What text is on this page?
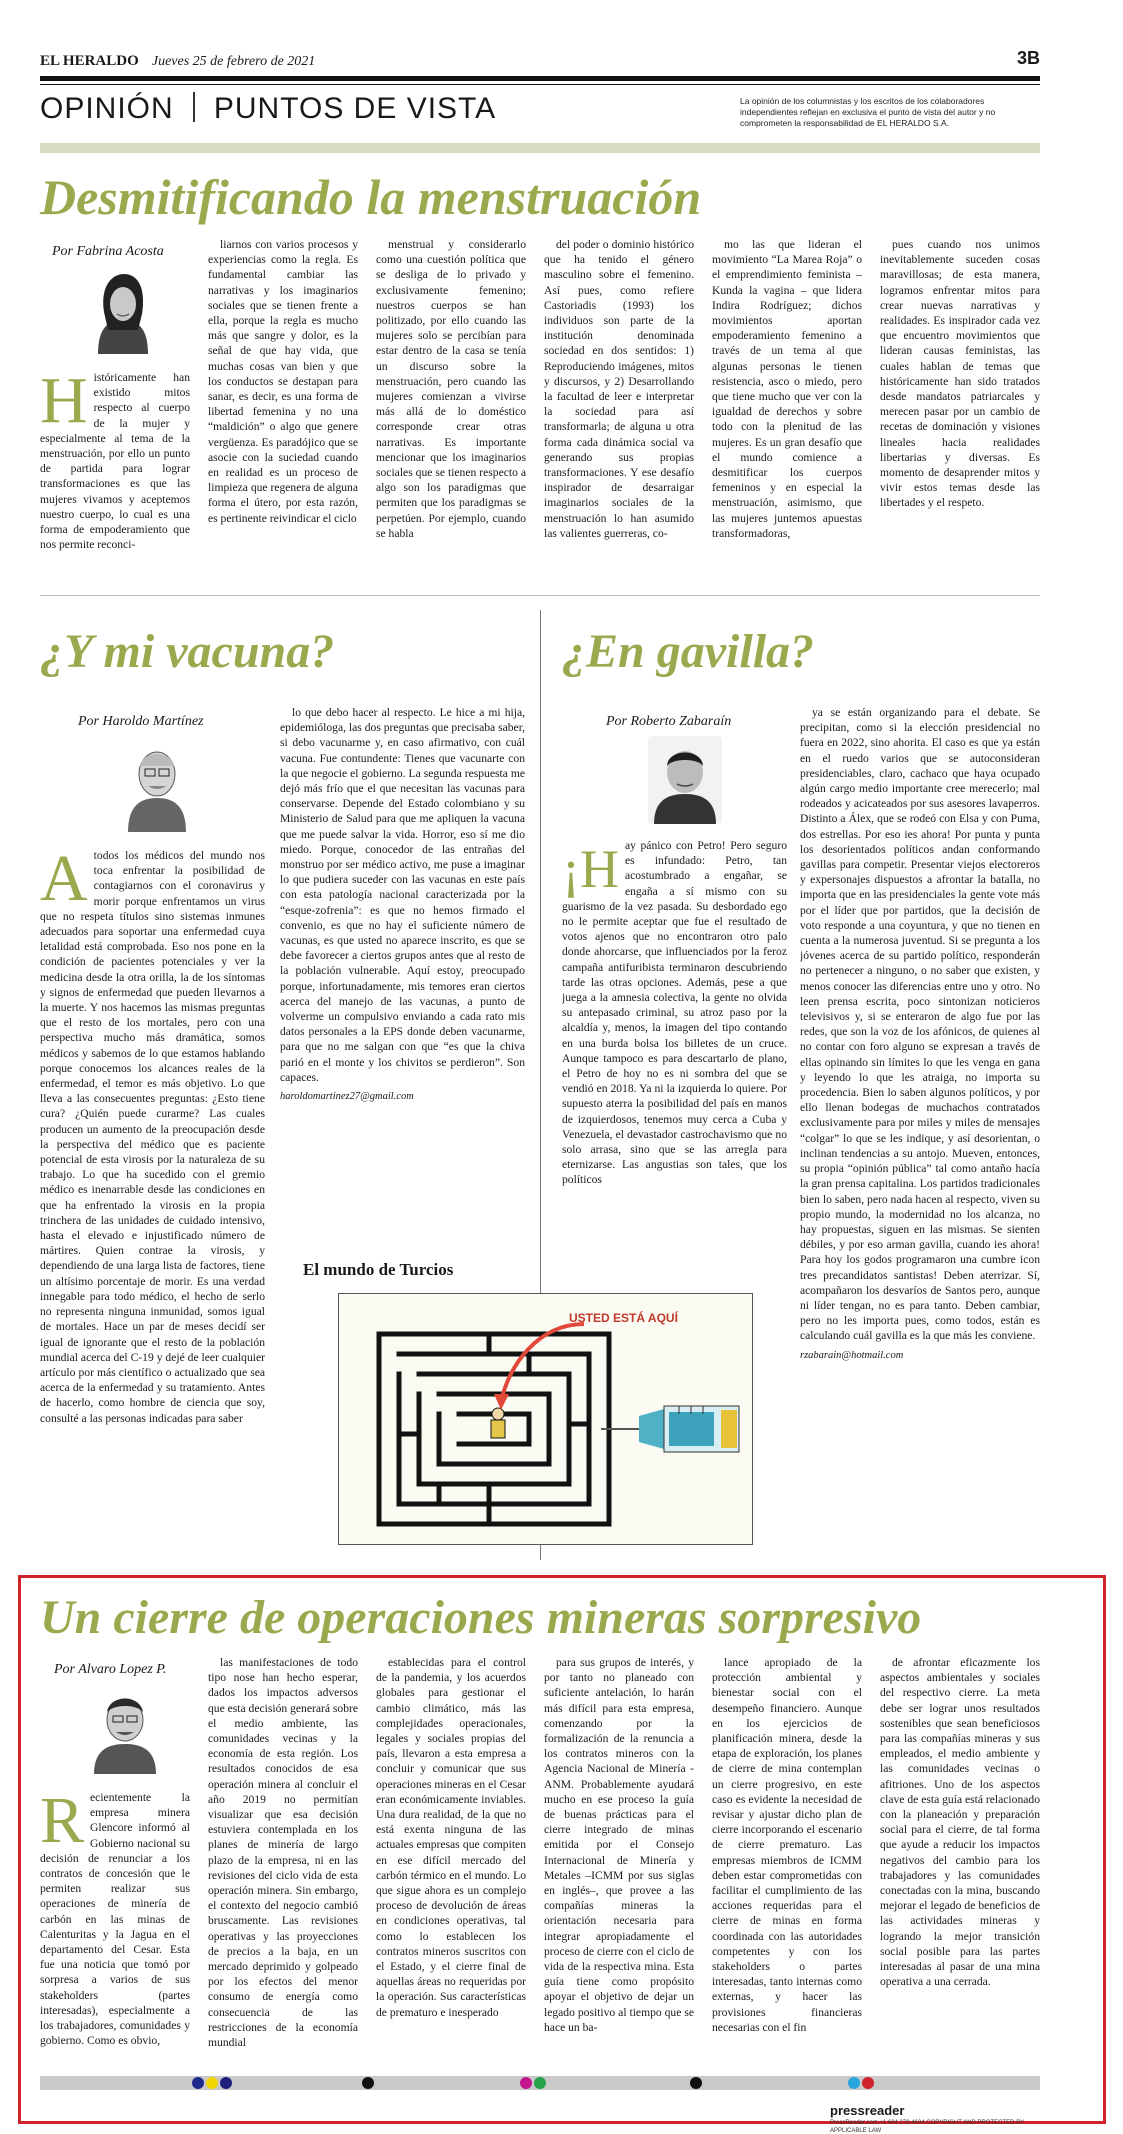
EL HERALDO Jueves 25 de febrero de 2021	3B
OPINIÓN PUNTOS DE VISTA	La opinión de los columnistas y los escritos de los colaboradores independientes reflejan en exclusiva el punto de vista del autor y no comprometen la responsabilidad de EL HERALDO S.A.
Desmitificando la menstruación
Por Fabrina Acosta
Históricamente han existido mitos respecto al cuerpo de la mujer y especialmente al tema de la menstruación, por ello un punto de partida para lograr transformaciones es que las mujeres vivamos y aceptemos nuestro cuerpo, lo cual es una forma de empoderamiento que nos permite reconci-

liarnos con varios procesos y experiencias como la regla. Es fundamental cambiar las narrativas y los imaginarios sociales que se tienen frente a ella, porque la regla es mucho más que sangre y dolor, es la señal de que hay vida, que muchas cosas van bien y que los conductos se destapan para sanar, es decir, es una forma de libertad femenina y no una “maldición” o algo que genere vergüenza. Es paradójico que se asocie con la suciedad cuando en realidad es un proceso de limpieza que regenera de alguna forma el útero, por esta razón, es pertinente reivindicar el ciclo

menstrual y considerarlo como una cuestión política que se desliga de lo privado y exclusivamente femenino; nuestros cuerpos se han politizado, por ello cuando las mujeres solo se percibían para estar dentro de la casa se tenía un discurso sobre la menstruación, pero cuando las mujeres comienzan a vivirse más allá de lo doméstico corresponde crear otras narrativas. Es importante mencionar que los imaginarios sociales que se tienen respecto a algo son los paradigmas que permiten que los paradigmas se perpetúen. Por ejemplo, cuando se habla

del poder o dominio histórico que ha tenido el género masculino sobre el femenino. Así pues, como refiere Castoriadis (1993) los individuos son parte de la institución denominada sociedad en dos sentidos: 1) Reproduciendo imágenes, mitos y discursos, y 2) Desarrollando la facultad de leer e interpretar la sociedad para así transformarla; de alguna u otra forma cada dinámica social va generando sus propias transformaciones. Y ese desafío inspirador de desarraigar imaginarios sociales de la menstruación lo han asumido las valientes guerreras, co-

mo las que lideran el movimiento “La Marea Roja” o el emprendimiento feminista – Kunda la vagina – que lidera Indira Rodríguez; dichos movimientos aportan empoderamiento femenino a través de un tema al que algunas personas le tienen resistencia, asco o miedo, pero que tiene mucho que ver con la igualdad de derechos y sobre todo con la plenitud de las mujeres. Es un gran desafío que el mundo comience a desmitificar los cuerpos femeninos y en especial la menstruación, asimismo, que las mujeres juntemos apuestas transformadoras,

pues cuando nos unimos inevitablemente suceden cosas maravillosas; de esta manera, logramos enfrentar mitos para crear nuevas narrativas y realidades. Es inspirador cada vez que encuentro movimientos que lideran causas feministas, las cuales hablan de temas que históricamente han sido tratados desde mandatos patriarcales y merecen pasar por un cambio de recetas de dominación y visiones lineales hacia realidades libertarias y diversas. Es momento de desaprender mitos y vivir estos temas desde las libertades y el respeto.

¿Y mi vacuna?
Por Haroldo Martínez
Atodos los médicos del mundo nos toca enfrentar la posibilidad de contagiarnos con el coronavirus y morir porque enfrentamos un virus que no respeta títulos sino sistemas inmunes adecuados para soportar una enfermedad cuya letalidad está comprobada. Eso nos pone en la condición de pacientes potenciales y ver la medicina desde la otra orilla, la de los síntomas y signos de enfermedad que pueden llevarnos a la muerte. Y nos hacemos las mismas preguntas que el resto de los mortales, pero con una perspectiva mucho más dramática, somos médicos y sabemos de lo que estamos hablando porque conocemos los alcances reales de la enfermedad, el temor es más objetivo. Lo que lleva a las consecuentes preguntas: ¿Esto tiene cura? ¿Quién puede curarme? Las cuales producen un aumento de la preocupación desde la perspectiva del médico que es paciente potencial de esta virosis por la naturaleza de su trabajo. Lo que ha sucedido con el gremio médico es inenarrable desde las condiciones en que ha enfrentado la virosis en la propia trinchera de las unidades de cuidado intensivo, hasta el elevado e injustificado número de mártires. Quien contrae la virosis, y dependiendo de una larga lista de factores, tiene un altísimo porcentaje de morir. Es una verdad innegable para todo médico, el hecho de serlo no representa ninguna inmunidad, somos igual de mortales. Hace un par de meses decidí ser igual de ignorante que el resto de la población mundial acerca del C-19 y dejé de leer cualquier artículo por más científico o actualizado que sea acerca de la enfermedad y su tratamiento. Antes de hacerlo, como hombre de ciencia que soy, consulté a las personas indicadas para saber

lo que debo hacer al respecto. Le hice a mi hija, epidemióloga, las dos preguntas que precisaba saber, si debo vacunarme y, en caso afirmativo, con cuál vacuna. Fue contundente: Tienes que vacunarte con la que negocie el gobierno. La segunda respuesta me dejó más frío que el que necesitan las vacunas para conservarse. Depende del Estado colombiano y su Ministerio de Salud para que me apliquen la vacuna que me puede salvar la vida. Horror, eso sí me dio miedo. Porque, conocedor de las entrañas del monstruo por ser médico activo, me puse a imaginar lo que pudiera suceder con las vacunas en este país con esta patología nacional caracterizada por la “esque-zofrenia”: es que no hemos firmado el convenio, es que no hay el suficiente número de vacunas, es que usted no aparece inscrito, es que se debe favorecer a ciertos grupos antes que al resto de la población vulnerable. Aquí estoy, preocupado porque, infortunadamente, mis temores eran ciertos acerca del manejo de las vacunas, a punto de volverme un compulsivo enviando a cada rato mis datos personales a la EPS donde deben vacunarme, para que no me salgan con que “es que la chiva parió en el monte y los chivitos se perdieron”. Son capaces.

haroldomartinez27@gmail.com
¿En gavilla?
Por Roberto Zabaraín
¡H ay pánico con Petro! Pero seguro es infundado: Petro, tan acostumbrado a engañar, se engaña a sí mismo con su guarismo de la vez pasada. Su desbordado ego no le permite aceptar que fue el resultado de votos ajenos que no encontraron otro palo donde ahorcarse, que influenciados por la feroz campaña antifuribista terminaron descubriendo tarde las otras opciones. Además, pese a que juega a la amnesia colectiva, la gente no olvida su antepasado criminal, su atroz paso por la alcaldía y, menos, la imagen del tipo contando en una burda bolsa los billetes de un cruce. Aunque tampoco es para descartarlo de plano, el Petro de hoy no es ni sombra del que se vendió en 2018. Ya ni la izquierda lo quiere. Por supuesto aterra la posibilidad del país en manos de izquierdosos, tenemos muy cerca a Cuba y Venezuela, el devastador castrochavismo que no solo arrasa, sino que se las arregla para eternizarse. Las angustias son tales, que los políticos

ya se están organizando para el debate. Se precipitan, como si la elección presidencial no fuera en 2022, sino ahorita. El caso es que ya están en el ruedo varios que se autoconsideran presidenciables, claro, cachaco que haya ocupado algún cargo medio importante cree merecerlo; mal rodeados y acicateados por sus asesores lavaperros. Distinto a Álex, que se rodeó con Elsa y con Puma, dos estrellas. Por eso ies ahora! Por punta y punta los desorientados políticos andan conformando gavillas para competir. Presentar viejos electoreros y expersonajes dispuestos a afrontar la batalla, no importa que en las presidenciales la gente vote más por el líder que por partidos, que la decisión de voto responde a una coyuntura, y que no tienen en cuenta a la numerosa juventud. Si se pregunta a los jóvenes acerca de su partido político, responderán no pertenecer a ninguno, o no saber que existen, y menos conocer las diferencias entre uno y otro. No leen prensa escrita, poco sintonizan noticieros televisivos y, si se enteraron de algo fue por las redes, que son la voz de los afónicos, de quienes al no contar con foro alguno se expresan a través de ellas opinando sin límites lo que les venga en gana y leyendo lo que les atraiga, no importa su procedencia. Bien lo saben algunos políticos, y por ello llenan bodegas de muchachos contratados exclusivamente para por miles y miles de mensajes “colgar” lo que se les indique, y así desorientan, o inclinan tendencias a su antojo. Mueven, entonces, su propia “opinión pública” tal como antaño hacía la gran prensa capitalina. Los partidos tradicionales bien lo saben, pero nada hacen al respecto, viven su propio mundo, la modernidad no los alcanza, no hay propuestas, siguen en las mismas. Se sienten débiles, y por eso arman gavilla, cuando ies ahora! Para hoy los godos programaron una cumbre icon tres precandidatos santistas! Deben aterrizar. Sí, acompañaron los desvaríos de Santos pero, aunque ni líder tengan, no es para tanto. Deben cambiar, pero no les importa pues, como todos, están es calculando cuál gavilla es la que más les conviene.

rzabarain@hotmail.com
El mundo de Turcios
USTED ESTÁ AQUÍ
Un cierre de operaciones mineras sorpresivo
Por Alvaro Lopez P.
Recientemente la empresa minera Glencore informó al Gobierno nacional su decisión de renunciar a los contratos de concesión que le permiten realizar sus operaciones de minería de carbón en las minas de Calenturitas y la Jagua en el departamento del Cesar. Esta fue una noticia que tomó por sorpresa a varios de sus stakeholders (partes interesadas), especialmente a los trabajadores, comunidades y gobierno. Como es obvio,

las manifestaciones de todo tipo nose han hecho esperar, dados los impactos adversos que esta decisión generará sobre el medio ambiente, las comunidades vecinas y la economía de esta región. Los resultados conocidos de esa operación minera al concluir el año 2019 no permitían visualizar que esa decisión estuviera contemplada en los planes de minería de largo plazo de la empresa, ni en las revisiones del ciclo vida de esta operación minera. Sin embargo, el contexto del negocio cambió bruscamente. Las revisiones operativas y las proyecciones de precios a la baja, en un mercado deprimido y golpeado por los efectos del menor consumo de energía como consecuencia de las restricciones de la economía mundial

establecidas para el control de la pandemia, y los acuerdos globales para gestionar el cambio climático, más las complejidades operacionales, legales y sociales propias del país, llevaron a esta empresa a concluir y comunicar que sus operaciones mineras en el Cesar eran económicamente inviables. Una dura realidad, de la que no está exenta ninguna de las actuales empresas que compiten en ese difícil mercado del carbón térmico en el mundo. Lo que sigue ahora es un complejo proceso de devolución de áreas en condiciones operativas, tal como lo establecen los contratos mineros suscritos con el Estado, y el cierre final de aquellas áreas no requeridas por la operación. Sus características de prematuro e inesperado

para sus grupos de interés, y por tanto no planeado con suficiente antelación, lo harán más difícil para esta empresa, comenzando por la formalización de la renuncia a los contratos mineros con la Agencia Nacional de Minería -ANM. Probablemente ayudará mucho en ese proceso la guía de buenas prácticas para el cierre integrado de minas emitida por el Consejo Internacional de Minería y Metales –ICMM por sus siglas en inglés–, que provee a las compañías mineras la orientación necesaria para integrar apropiadamente el proceso de cierre con el ciclo de vida de la respectiva mina. Esta guía tiene como propósito apoyar el objetivo de dejar un legado positivo al tiempo que se hace un ba-

lance apropiado de la protección ambiental y bienestar social con el desempeño financiero. Aunque en los ejercicios de planificación minera, desde la etapa de exploración, los planes de cierre de mina contemplan un cierre progresivo, en este caso es evidente la necesidad de revisar y ajustar dicho plan de cierre incorporando el escenario de cierre prematuro. Las empresas miembros de ICMM deben estar comprometidas con facilitar el cumplimiento de las acciones requeridas para el cierre de minas en forma coordinada con las autoridades competentes y con los stakeholders o partes interesadas, tanto internas como externas, y hacer las provisiones financieras necesarias con el fin

de afrontar eficazmente los aspectos ambientales y sociales del respectivo cierre. La meta debe ser lograr unos resultados sostenibles que sean beneficiosos para las compañías mineras y sus empleados, el medio ambiente y las comunidades vecinas o afitriones. Uno de los aspectos clave de esta guía está relacionado con la planeación y preparación social para el cierre, de tal forma que ayude a reducir los impactos negativos del cambio para los trabajadores y las comunidades conectadas con la mina, buscando mejorar el legado de beneficios de las actividades mineras y logrando la mejor transición social posible para las partes interesadas al pasar de una mina operativa a una cerrada.

pressreader
PressReader.com +1 604 278 4604 COPYRIGHT AND PROTECTED BY APPLICABLE LAW
